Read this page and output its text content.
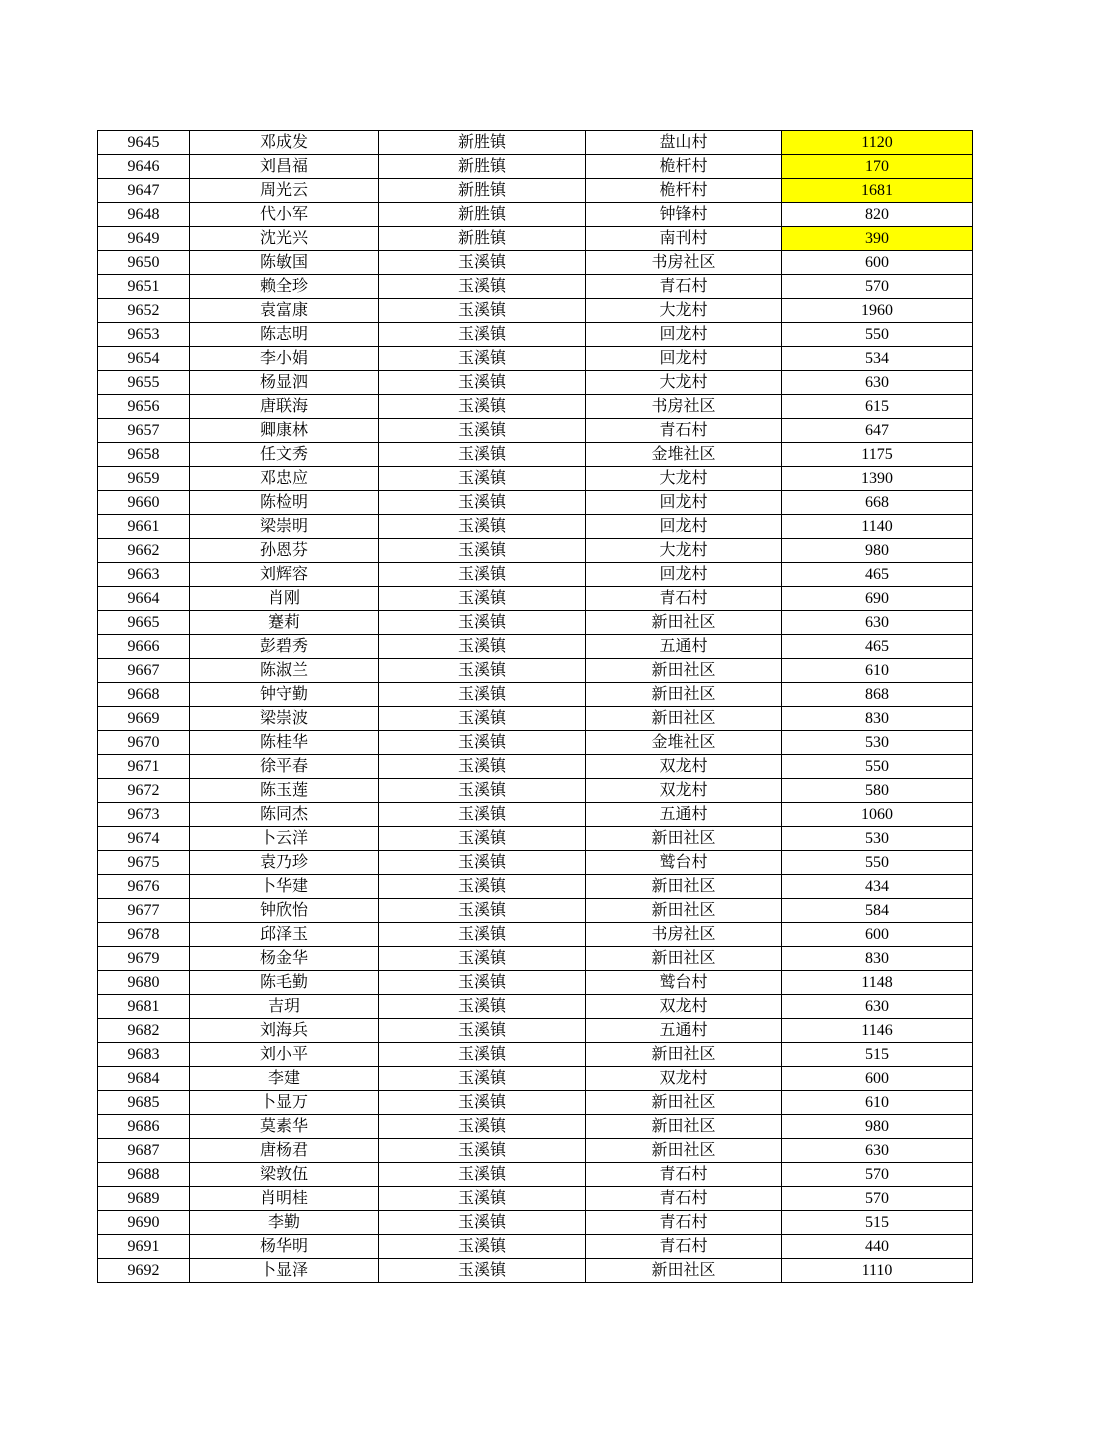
9645	邓成发	新胜镇	盘山村	1120
9646	刘昌福	新胜镇	桅杆村	170
9647	周光云	新胜镇	桅杆村	1681
9648	代小军	新胜镇	钟锋村	820
9649	沈光兴	新胜镇	南刊村	390
9650	陈敏国	玉溪镇	书房社区	600
9651	赖全珍	玉溪镇	青石村	570
9652	袁富康	玉溪镇	大龙村	1960
9653	陈志明	玉溪镇	回龙村	550
9654	李小娟	玉溪镇	回龙村	534
9655	杨显泗	玉溪镇	大龙村	630
9656	唐联海	玉溪镇	书房社区	615
9657	卿康林	玉溪镇	青石村	647
9658	任文秀	玉溪镇	金堆社区	1175
9659	邓忠应	玉溪镇	大龙村	1390
9660	陈检明	玉溪镇	回龙村	668
9661	梁崇明	玉溪镇	回龙村	1140
9662	孙恩芬	玉溪镇	大龙村	980
9663	刘辉容	玉溪镇	回龙村	465
9664	肖刚	玉溪镇	青石村	690
9665	蹇莉	玉溪镇	新田社区	630
9666	彭碧秀	玉溪镇	五通村	465
9667	陈淑兰	玉溪镇	新田社区	610
9668	钟守勤	玉溪镇	新田社区	868
9669	梁崇波	玉溪镇	新田社区	830
9670	陈桂华	玉溪镇	金堆社区	530
9671	徐平春	玉溪镇	双龙村	550
9672	陈玉莲	玉溪镇	双龙村	580
9673	陈同杰	玉溪镇	五通村	1060
9674	卜云洋	玉溪镇	新田社区	530
9675	袁乃珍	玉溪镇	鹫台村	550
9676	卜华建	玉溪镇	新田社区	434
9677	钟欣怡	玉溪镇	新田社区	584
9678	邱泽玉	玉溪镇	书房社区	600
9679	杨金华	玉溪镇	新田社区	830
9680	陈毛勤	玉溪镇	鹫台村	1148
9681	吉玥	玉溪镇	双龙村	630
9682	刘海兵	玉溪镇	五通村	1146
9683	刘小平	玉溪镇	新田社区	515
9684	李建	玉溪镇	双龙村	600
9685	卜显万	玉溪镇	新田社区	610
9686	莫素华	玉溪镇	新田社区	980
9687	唐杨君	玉溪镇	新田社区	630
9688	梁敦伍	玉溪镇	青石村	570
9689	肖明桂	玉溪镇	青石村	570
9690	李勤	玉溪镇	青石村	515
9691	杨华明	玉溪镇	青石村	440
9692	卜显泽	玉溪镇	新田社区	1110
